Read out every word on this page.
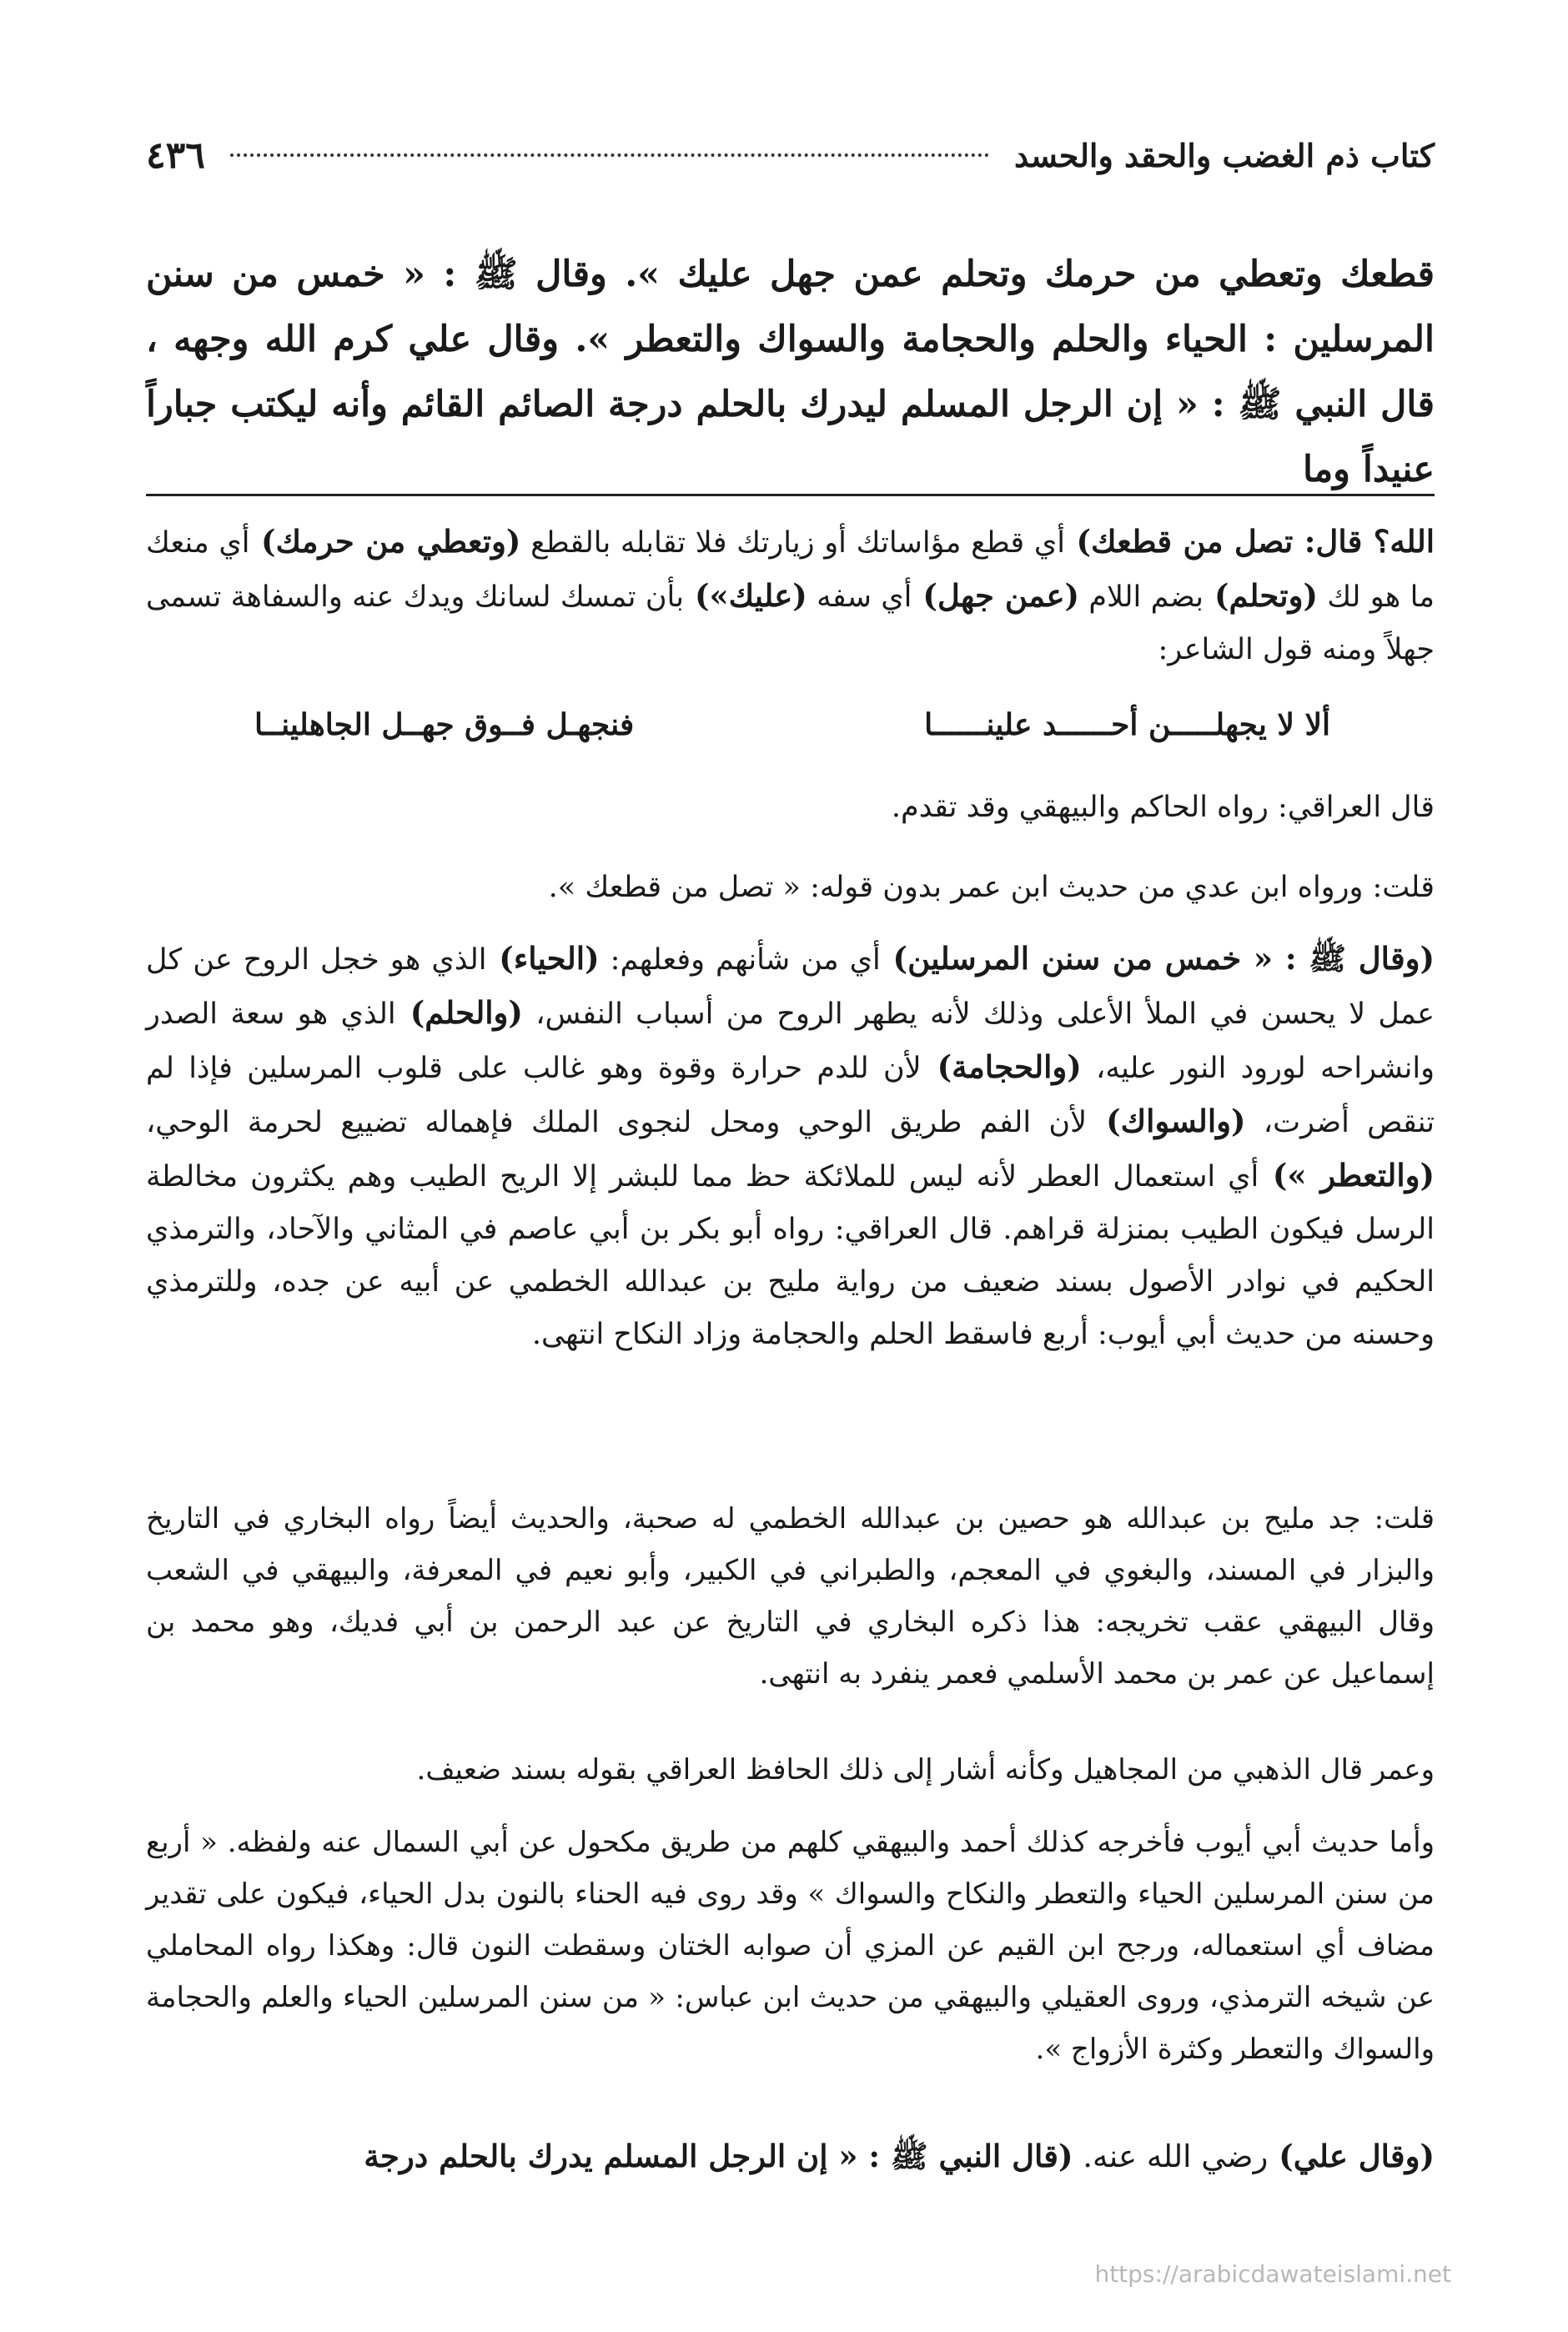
٤٣٦	كتاب ذم الغضب والحقد والحسد

قطعك وتعطي من حرمك وتحلم عمن جهل عليك ». وقال ﷺ : « خمس من سنن المرسلين : الحياء والحلم والحجامة والسواك والتعطر ». وقال علي كرم الله وجهه ، قال النبي ﷺ : « إن الرجل المسلم ليدرك بالحلم درجة الصائم القائم وأنه ليكتب جباراً عنيداً وما

الله؟ قال: تصل من قطعك) أي قطع مؤاساتك أو زيارتك فلا تقابله بالقطع (وتعطي من حرمك) أي منعك ما هو لك (وتحلم) بضم اللام (عمن جهل) أي سفه (عليك») بأن تمسك لسانك ويدك عنه والسفاهة تسمى جهلاً ومنه قول الشاعر:

ألا لا يجهلـــــن أحــــــد علينــــــا
فنجهـل فــوق جهــل الجاهلينــا

قال العراقي: رواه الحاكم والبيهقي وقد تقدم.

قلت: ورواه ابن عدي من حديث ابن عمر بدون قوله: « تصل من قطعك ».

(وقال ﷺ : « خمس من سنن المرسلين) أي من شأنهم وفعلهم: (الحياء) الذي هو خجل الروح عن كل عمل لا يحسن في الملأ الأعلى وذلك لأنه يطهر الروح من أسباب النفس، (والحلم) الذي هو سعة الصدر وانشراحه لورود النور عليه، (والحجامة) لأن للدم حرارة وقوة وهو غالب على قلوب المرسلين فإذا لم تنقص أضرت، (والسواك) لأن الفم طريق الوحي ومحل لنجوى الملك فإهماله تضييع لحرمة الوحي، (والتعطر ») أي استعمال العطر لأنه ليس للملائكة حظ مما للبشر إلا الريح الطيب وهم يكثرون مخالطة الرسل فيكون الطيب بمنزلة قراهم. قال العراقي: رواه أبو بكر بن أبي عاصم في المثاني والآحاد، والترمذي الحكيم في نوادر الأصول بسند ضعيف من رواية مليح بن عبدالله الخطمي عن أبيه عن جده، وللترمذي وحسنه من حديث أبي أيوب: أربع فاسقط الحلم والحجامة وزاد النكاح انتهى.

قلت: جد مليح بن عبدالله هو حصين بن عبدالله الخطمي له صحبة، والحديث أيضاً رواه البخاري في التاريخ والبزار في المسند، والبغوي في المعجم، والطبراني في الكبير، وأبو نعيم في المعرفة، والبيهقي في الشعب وقال البيهقي عقب تخريجه: هذا ذكره البخاري في التاريخ عن عبد الرحمن بن أبي فديك، وهو محمد بن إسماعيل عن عمر بن محمد الأسلمي فعمر ينفرد به انتهى.

وعمر قال الذهبي من المجاهيل وكأنه أشار إلى ذلك الحافظ العراقي بقوله بسند ضعيف.

وأما حديث أبي أيوب فأخرجه كذلك أحمد والبيهقي كلهم من طريق مكحول عن أبي السمال عنه ولفظه. « أربع من سنن المرسلين الحياء والتعطر والنكاح والسواك » وقد روى فيه الحناء بالنون بدل الحياء، فيكون على تقدير مضاف أي استعماله، ورجح ابن القيم عن المزي أن صوابه الختان وسقطت النون قال: وهكذا رواه المحاملي عن شيخه الترمذي، وروى العقيلي والبيهقي من حديث ابن عباس: « من سنن المرسلين الحياء والعلم والحجامة والسواك والتعطر وكثرة الأزواج ».

(وقال علي) رضي الله عنه. (قال النبي ﷺ : « إن الرجل المسلم يدرك بالحلم درجة

https://arabicdawateislami.net
